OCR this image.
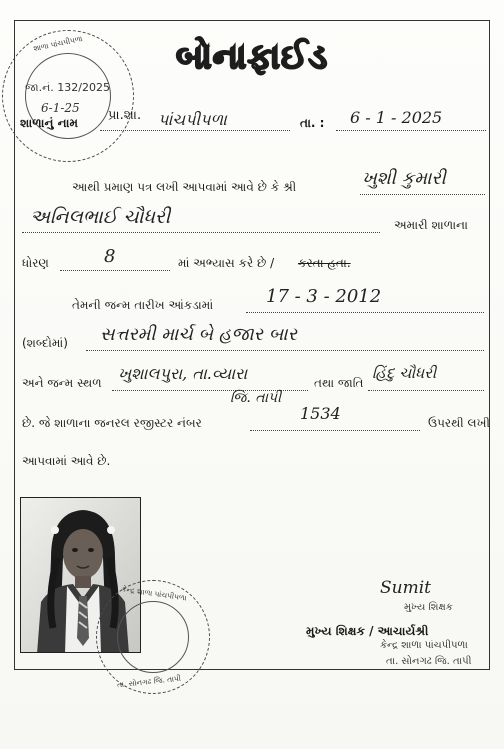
શાળા પાંચપીપળા
જા.નં. 132/2025
6-1-25
બોનાફાઈડ
શાળાનું નામ પ્રા.શા. પાંચપીપળા	તા. : 6 - 1 - 2025
આથી પ્રમાણ પત્ર લખી આપવામાં આવે છે કે શ્રી	ખુશી કુમારી
અનિલભાઈ ચૌધરી	અમારી શાળાના
ધોરણ	8	માં અભ્યાસ કરે છે / કરતા હતા.
તેમની જન્મ તારીખ આંકડામાં	17 - 3 - 2012
(શબ્દોમાં) સત્તરમી માર્ચ બે હજાર બાર
અને જન્મ સ્થળ ખુશાલપુરા, તા.વ્યારા	તથા જાતિ
હિંદુ ચૌધરી
જિ. તાપી
છે. જે શાળાના જનરલ રજીસ્ટર નંબર	1534	ઉપરથી લખી
આપવામાં આવે છે.
કેન્દ્ર શાળા પાંચપીપળા
તા. સોનગઢ જિ. તાપી
Sumit
મુખ્ય શિક્ષક
મુખ્ય શિક્ષક / આચાર્યશ્રી
કેન્દ્ર શાળા પાંચપીપળા
તા. સોનગઢ જિ. તાપી
